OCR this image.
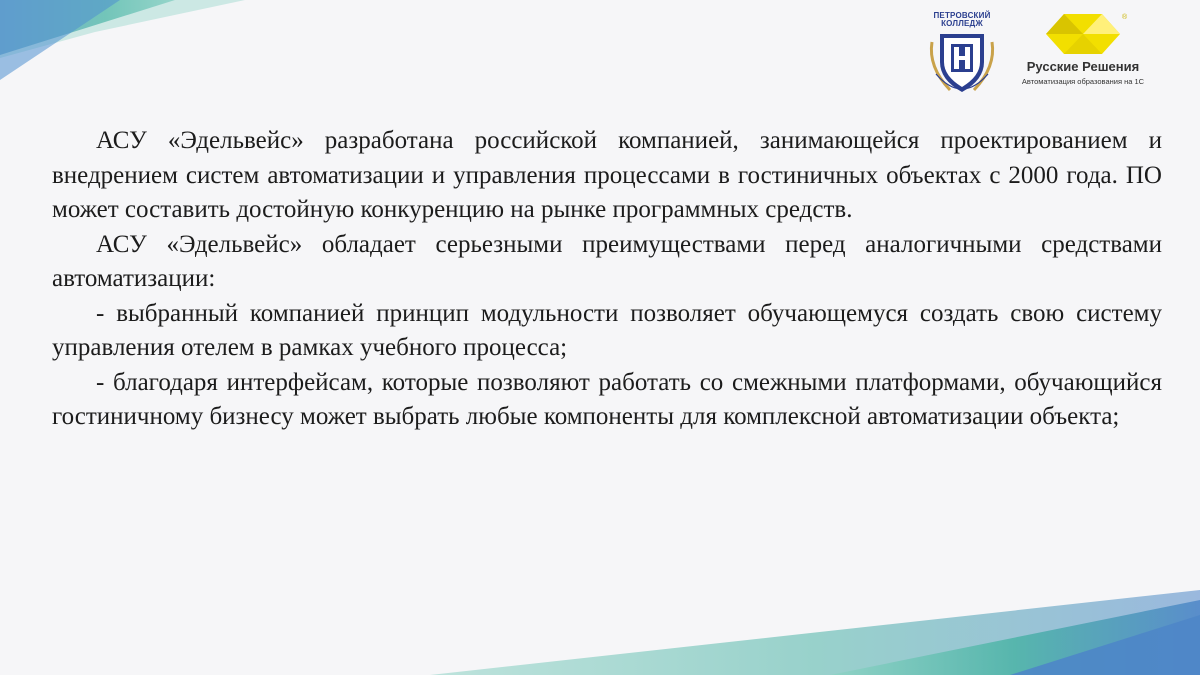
ПЕТРОВСКИЙ
КОЛЛЕДЖ
®
Русские Решения
Автоматизация образования на 1С

АСУ «Эдельвейс» разработана российской компанией, занимающейся проектированием и внедрением систем автоматизации и управления процессами в гостиничных объектах с 2000 года. ПО может составить достойную конкуренцию на рынке программных средств.

АСУ «Эдельвейс» обладает серьезными преимуществами перед аналогичными средствами автоматизации:

- выбранный компанией принцип модульности позволяет обучающемуся создать свою систему управления отелем в рамках учебного процесса;

- благодаря интерфейсам, которые позволяют работать со смежными платформами, обучающийся гостиничному бизнесу может выбрать любые компоненты для комплексной автоматизации объекта;
